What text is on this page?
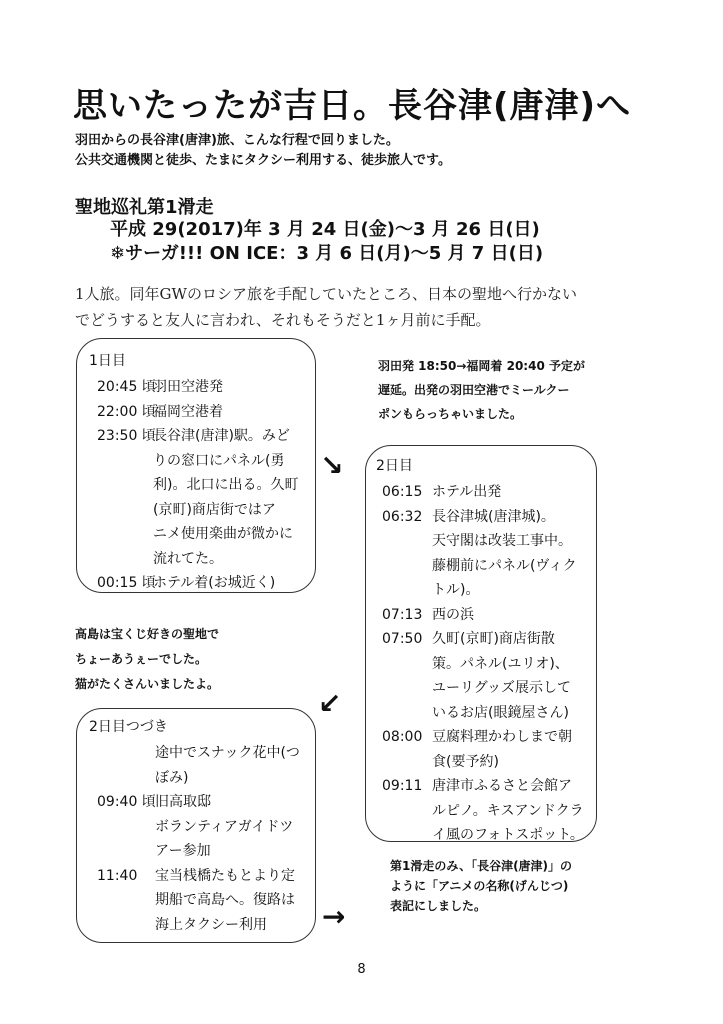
思いたったが吉日。長谷津(唐津)へ
羽田からの長谷津(唐津)旅、こんな行程で回りました。
公共交通機関と徒歩、たまにタクシー利用する、徒歩旅人です。
聖地巡礼第1滑走
平成 29(2017)年 3 月 24 日(金)〜3 月 26 日(日)
❄サーガ!!! ON ICE：3 月 6 日(月)〜5 月 7 日(日)
1人旅。同年GWのロシア旅を手配していたところ、日本の聖地へ行かない
でどうすると友人に言われ、それもそうだと1ヶ月前に手配。
1日目
20:45 頃
羽田空港発
22:00 頃
福岡空港着
23:50 頃
長谷津(唐津)駅。みど
りの窓口にパネル(勇
利)。北口に出る。久町
(京町)商店街ではア
ニメ使用楽曲が微かに
流れてた。
00:15 頃
ホテル着(お城近く)
羽田発 18:50→福岡着 20:40 予定が
遅延。出発の羽田空港でミールクー
ポンもらっちゃいました。
↘ 2日目
06:15 ホテル出発
06:32 長谷津城(唐津城)。
天守閣は改装工事中。
藤棚前にパネル(ヴィク
トル)。
07:13 西の浜
07:50 久町(京町)商店街散
策。パネル(ユリオ)、
ユーリグッズ展示して
いるお店(眼鏡屋さん)
08:00 豆腐料理かわしまで朝
食(要予約)
09:11 唐津市ふるさと会館ア
ルピノ。キスアンドクラ
イ風のフォトスポット。
高島は宝くじ好きの聖地で
ちょーあうぇーでした。
猫がたくさんいましたよ。
↙
2日目つづき
途中でスナック花中(つ
ぼみ)
09:40 頃 旧高取邸
ボランティアガイドツ
アー参加
11:40	宝当桟橋たもとより定
期船で高島へ。復路は
海上タクシー利用	→
第1滑走のみ、「長谷津(唐津)」の
ように「アニメの名称(げんじつ)
表記にしました。
8
